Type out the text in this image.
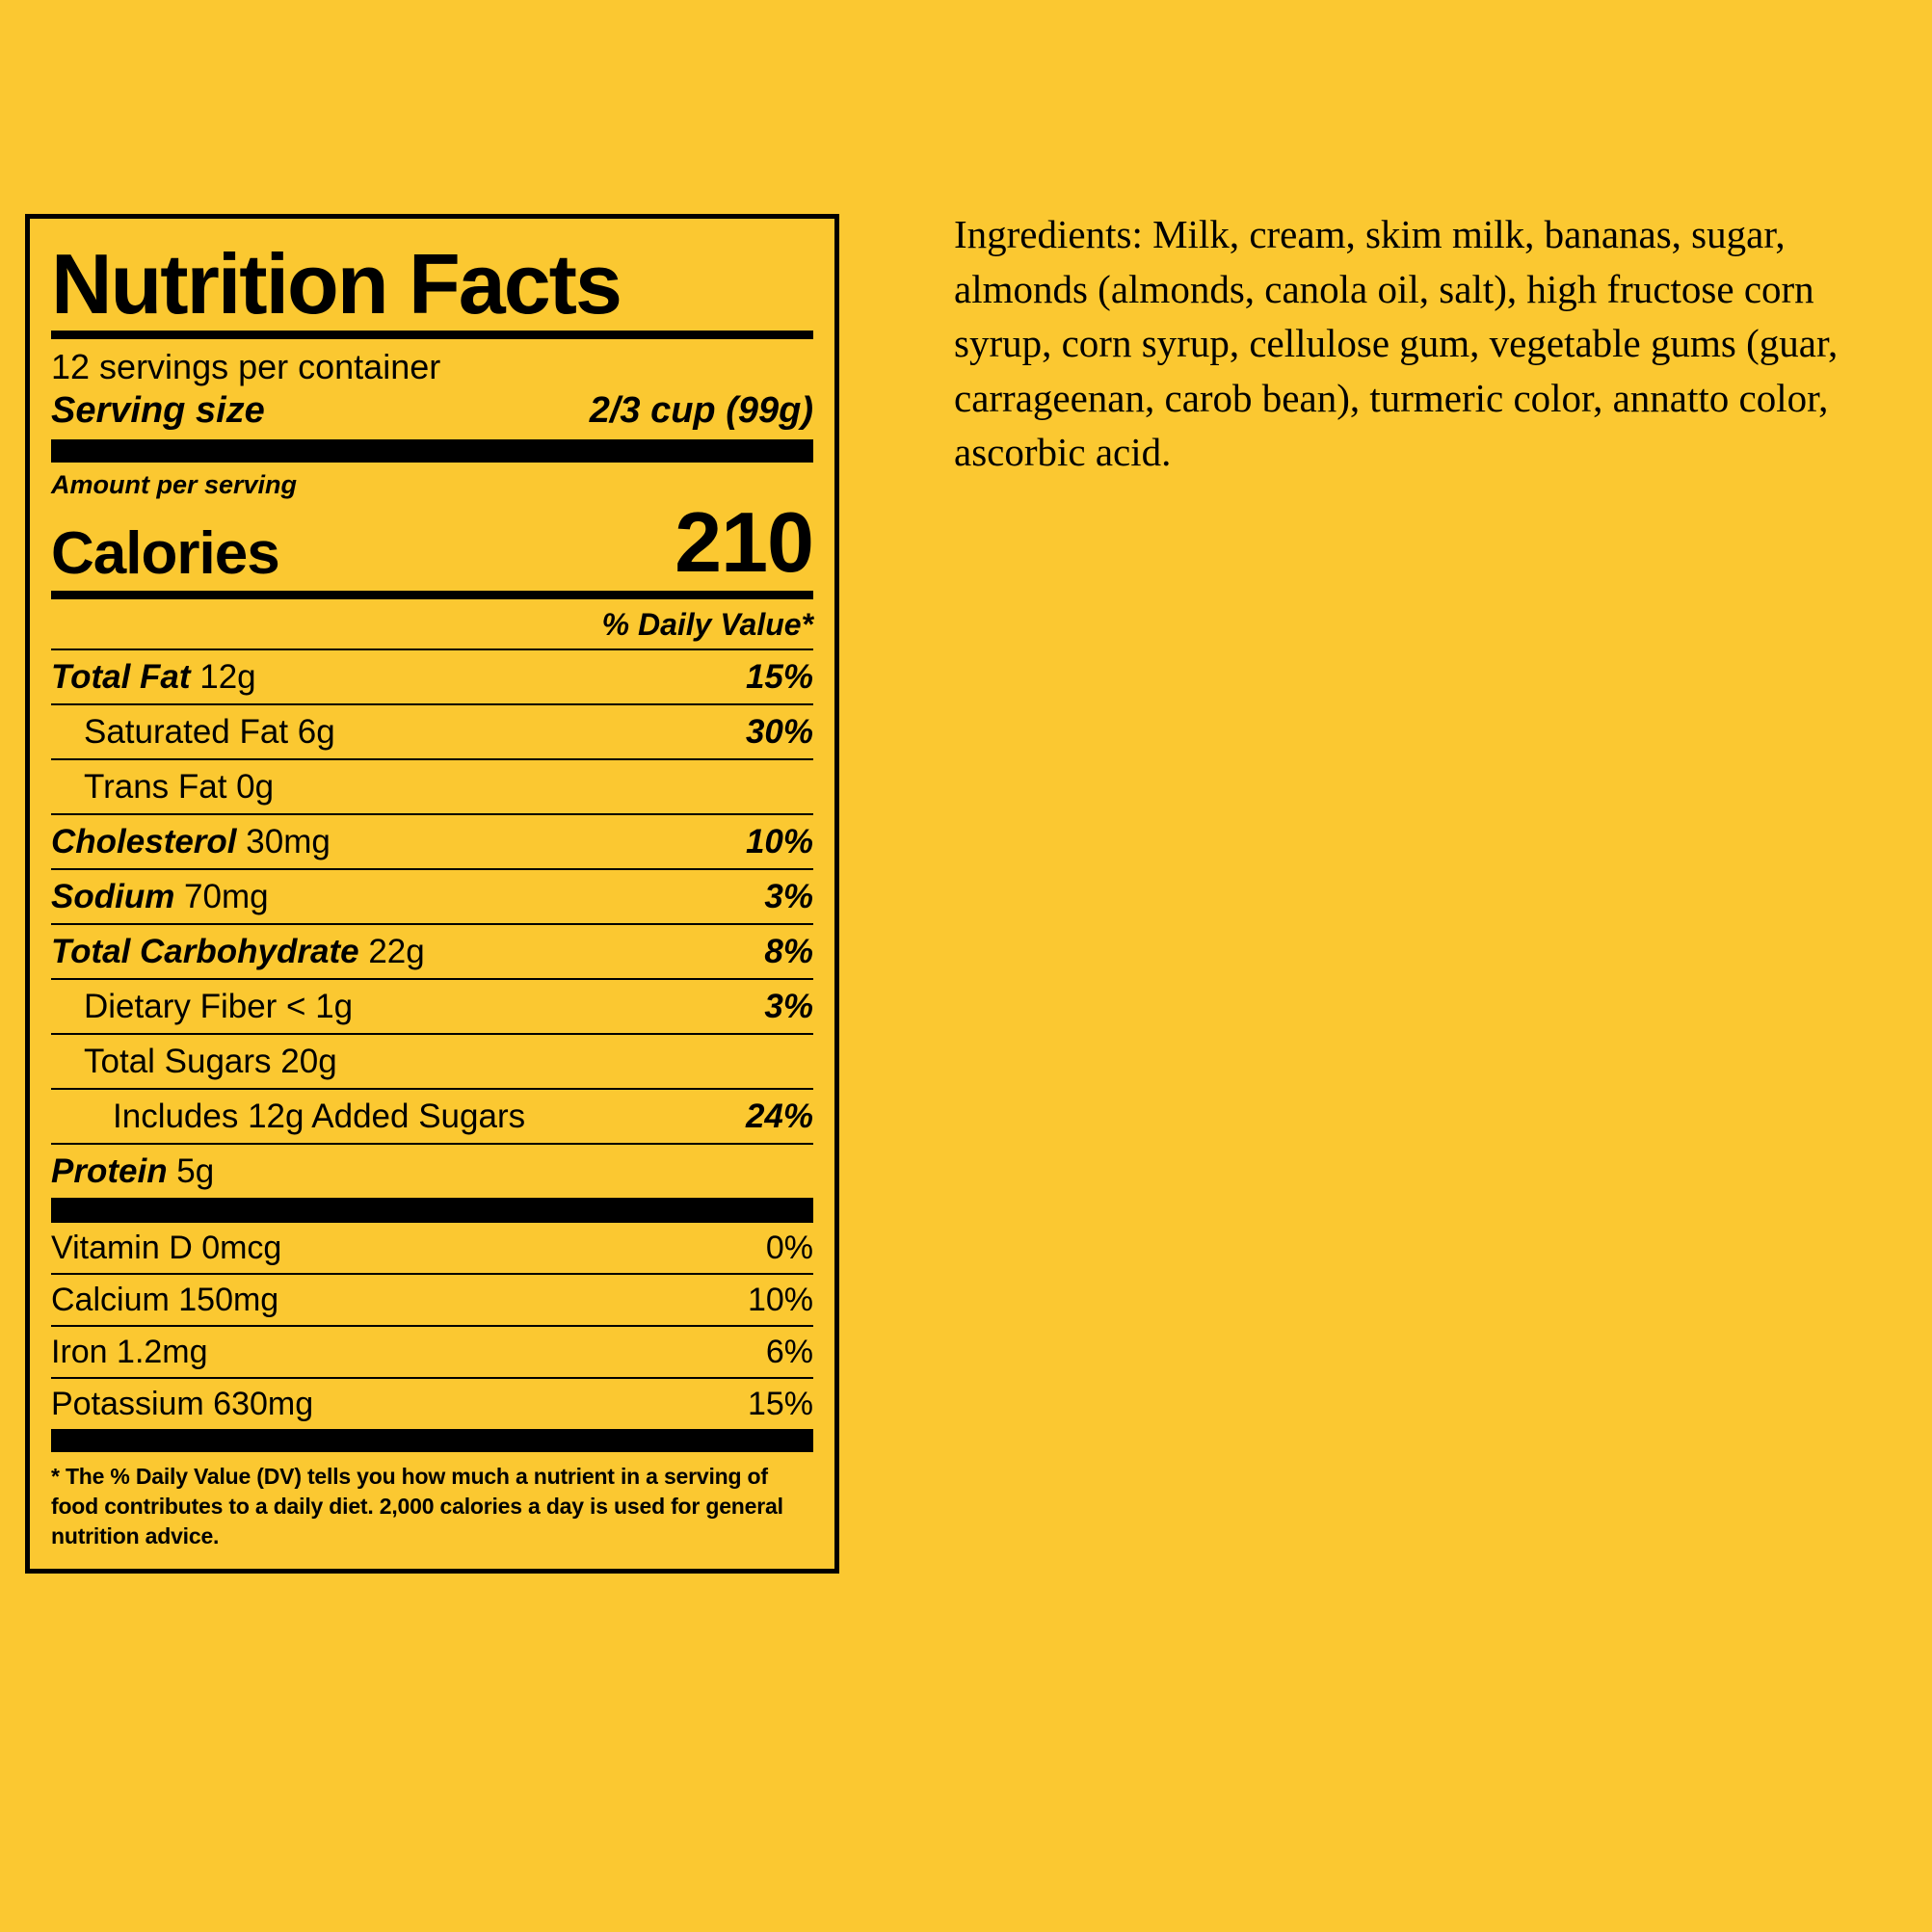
Nutrition Facts
12 servings per container
Serving size	2/3 cup (99g)
Amount per serving
Calories	210
% Daily Value*
Total Fat 12g	15%
Saturated Fat 6g	30%
Trans Fat 0g
Cholesterol 30mg	10%
Sodium 70mg	3%
Total Carbohydrate 22g	8%
Dietary Fiber < 1g	3%
Total Sugars 20g
Includes 12g Added Sugars	24%
Protein 5g
Vitamin D 0mcg	0%
Calcium 150mg	10%
Iron 1.2mg	6%
Potassium 630mg	15%
* The % Daily Value (DV) tells you how much a nutrient in a serving of food contributes to a daily diet. 2,000 calories a day is used for general nutrition advice.
Ingredients: Milk, cream, skim milk, bananas, sugar, almonds (almonds, canola oil, salt), high fructose corn syrup, corn syrup, cellulose gum, vegetable gums (guar, carrageenan, carob bean), turmeric color, annatto color, ascorbic acid.
